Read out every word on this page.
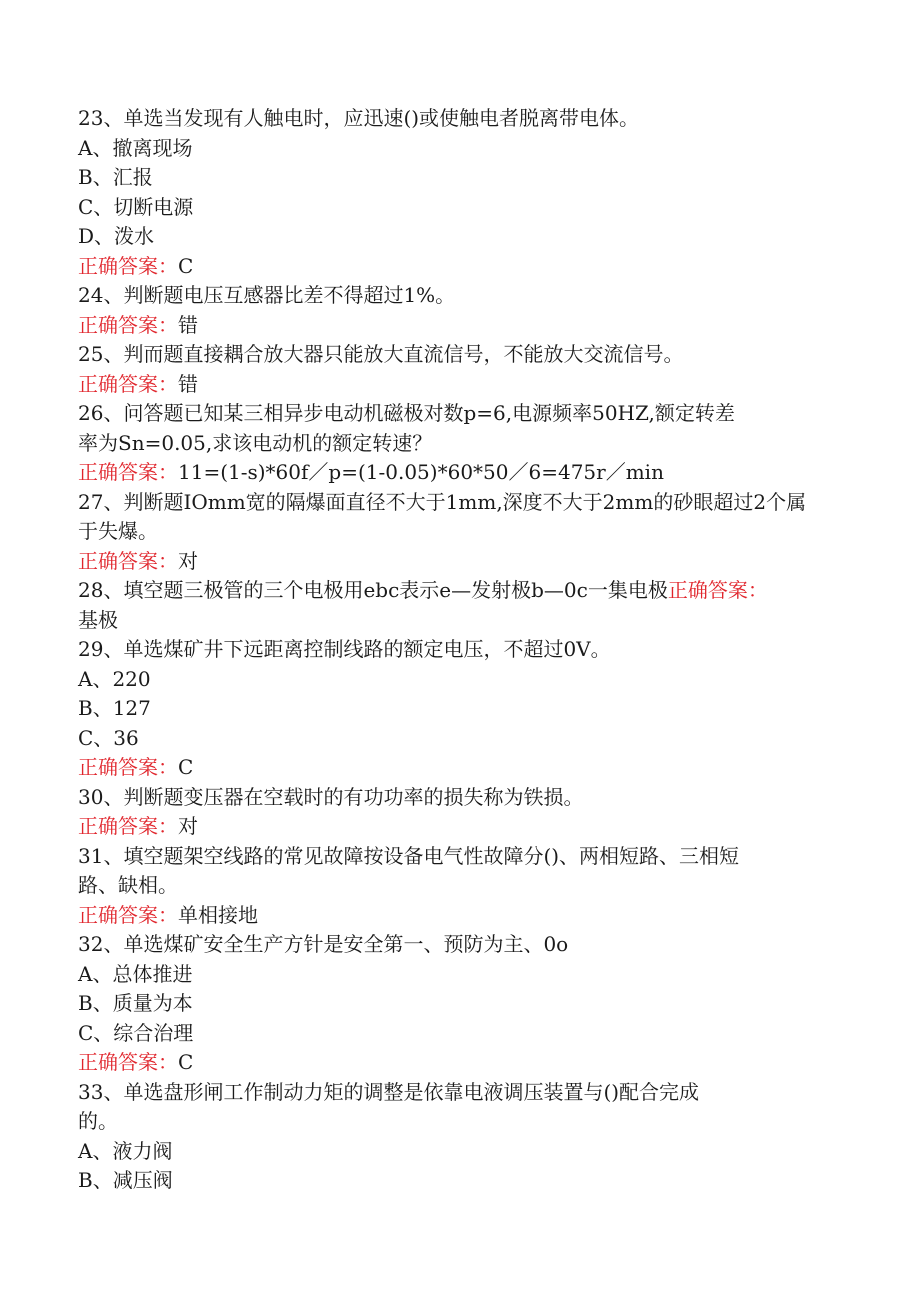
23、单选当发现有人触电时，应迅速()或使触电者脱离带电体。

A、撤离现场

B、汇报

C、切断电源

D、泼水

正确答案：C

24、判断题电压互感器比差不得超过1%。

正确答案：错

25、判而题直接耦合放大器只能放大直流信号，不能放大交流信号。

正确答案：错

26、问答题已知某三相异步电动机磁极对数p=6,电源频率50HZ,额定转差

率为Sn=0.05,求该电动机的额定转速？

正确答案：11=(1-s)*60f／p=(1-0.05)*60*50／6=475r／min

27、判断题IOmm宽的隔爆面直径不大于1mm,深度不大于2mm的砂眼超过2个属

于失爆。

正确答案：对

28、填空题三极管的三个电极用ebc表示e—发射极b—0c一集电极正确答案：

基极

29、单选煤矿井下远距离控制线路的额定电压，不超过0V。

A、220

B、127

C、36

正确答案：C

30、判断题变压器在空载时的有功功率的损失称为铁损。

正确答案：对

31、填空题架空线路的常见故障按设备电气性故障分()、两相短路、三相短

路、缺相。

正确答案：单相接地

32、单选煤矿安全生产方针是安全第一、预防为主、0o

A、总体推进

B、质量为本

C、综合治理

正确答案：C

33、单选盘形闸工作制动力矩的调整是依靠电液调压装置与()配合完成

的。

A、液力阀

B、减压阀
